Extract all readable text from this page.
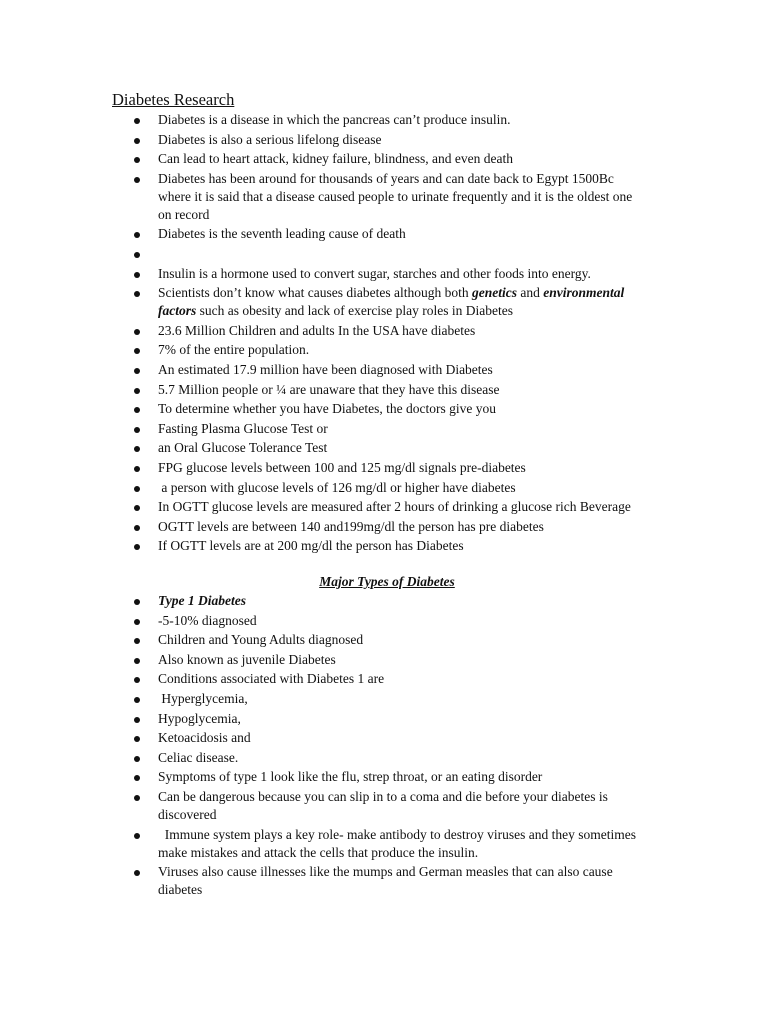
Diabetes Research
Diabetes is a disease in which the pancreas can’t produce insulin.
Diabetes is also a serious lifelong disease
Can lead to heart attack, kidney failure, blindness, and even death
Diabetes has been around for thousands of years and can date back to Egypt 1500Bc where it is said that a disease caused people to urinate frequently and it is the oldest one on record
Diabetes is the seventh leading cause of death
Insulin is a hormone used to convert sugar, starches and other foods into energy.
Scientists don’t know what causes diabetes although both genetics and environmental factors such as obesity and lack of exercise play roles in Diabetes
23.6 Million Children and adults In the USA have diabetes
7% of the entire population.
An estimated 17.9 million have been diagnosed with Diabetes
5.7 Million people or ¼ are unaware that they have this disease
To determine whether you have Diabetes, the doctors give you
Fasting Plasma Glucose Test or
an Oral Glucose Tolerance Test
FPG glucose levels between 100 and 125 mg/dl signals pre-diabetes
a person with glucose levels of 126 mg/dl or higher have diabetes
In OGTT glucose levels are measured after 2 hours of drinking a glucose rich Beverage
OGTT levels are between 140 and199mg/dl the person has pre diabetes
If OGTT levels are at 200 mg/dl the person has Diabetes
Major Types of Diabetes
Type 1 Diabetes
-5-10% diagnosed
Children and Young Adults diagnosed
Also known as juvenile Diabetes
Conditions associated with Diabetes 1 are
Hyperglycemia,
Hypoglycemia,
Ketoacidosis and
Celiac disease.
Symptoms of type 1 look like the flu, strep throat, or an eating disorder
Can be dangerous because you can slip in to a coma and die before your diabetes is discovered
Immune system plays a key role- make antibody to destroy viruses and they sometimes make mistakes and attack the cells that produce the insulin.
Viruses also cause illnesses like the mumps and German measles that can also cause diabetes
